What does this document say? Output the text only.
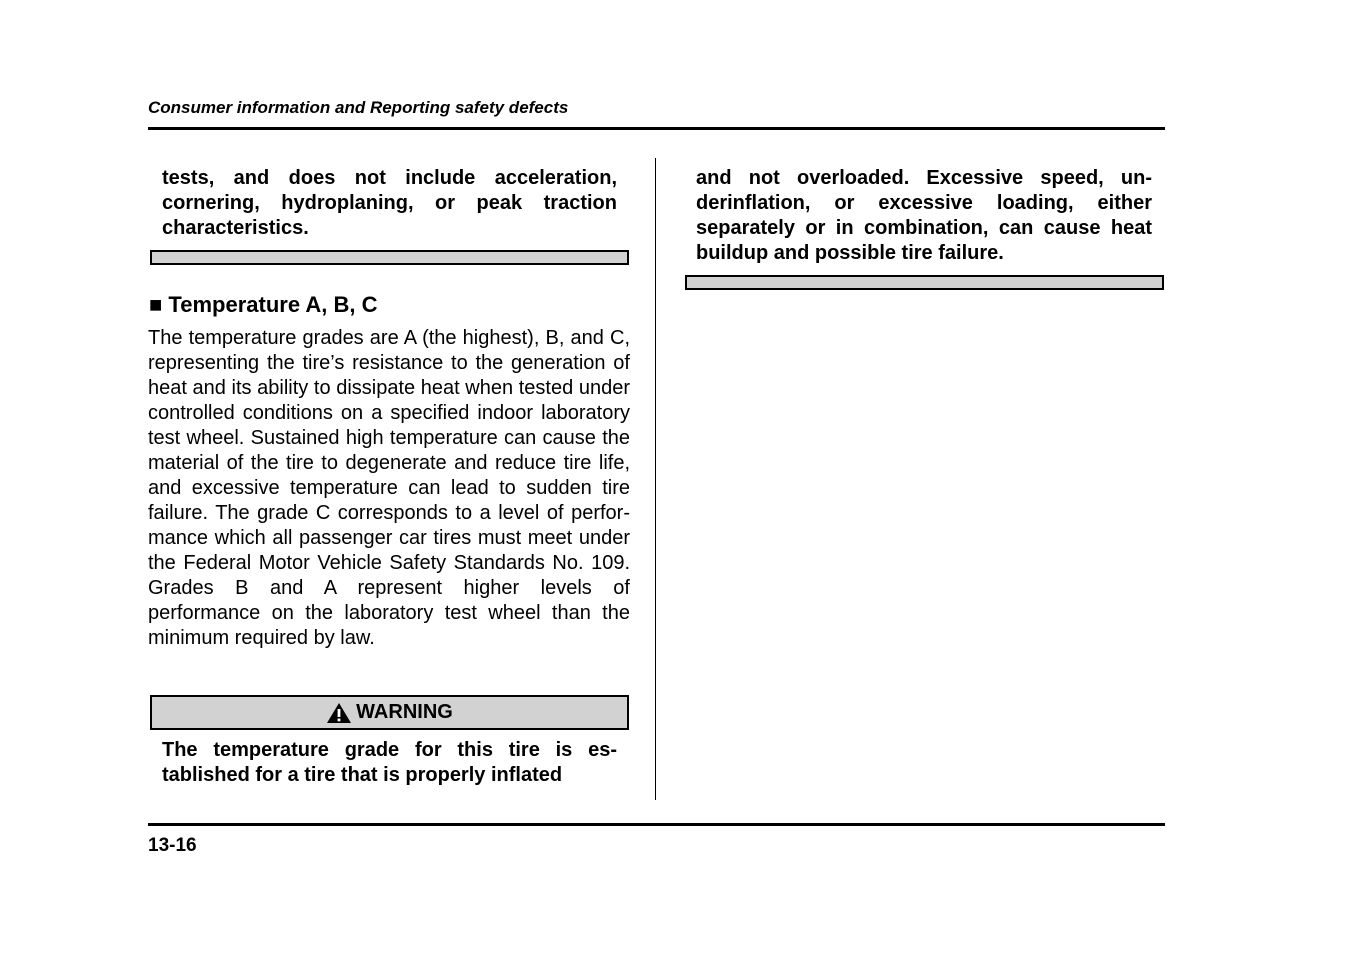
Consumer information and Reporting safety defects

tests, and does not include acceleration, cornering, hydroplaning, or peak traction characteristics.

■ Temperature A, B, C

The temperature grades are A (the highest), B, and C, representing the tire’s resistance to the generation of heat and its ability to dissipate heat when tested under controlled conditions on a specified indoor laboratory test wheel. Sustained high temperature can cause the material of the tire to degenerate and reduce tire life, and excessive temperature can lead to sudden tire failure. The grade C corresponds to a level of performance which all passenger car tires must meet under the Federal Motor Vehicle Safety Standards No. 109. Grades B and A represent higher levels of performance on the laboratory test wheel than the minimum required by law.

WARNING

The temperature grade for this tire is established for a tire that is properly inflated

and not overloaded. Excessive speed, underinflation, or excessive loading, either separately or in combination, can cause heat buildup and possible tire failure.

13-16
